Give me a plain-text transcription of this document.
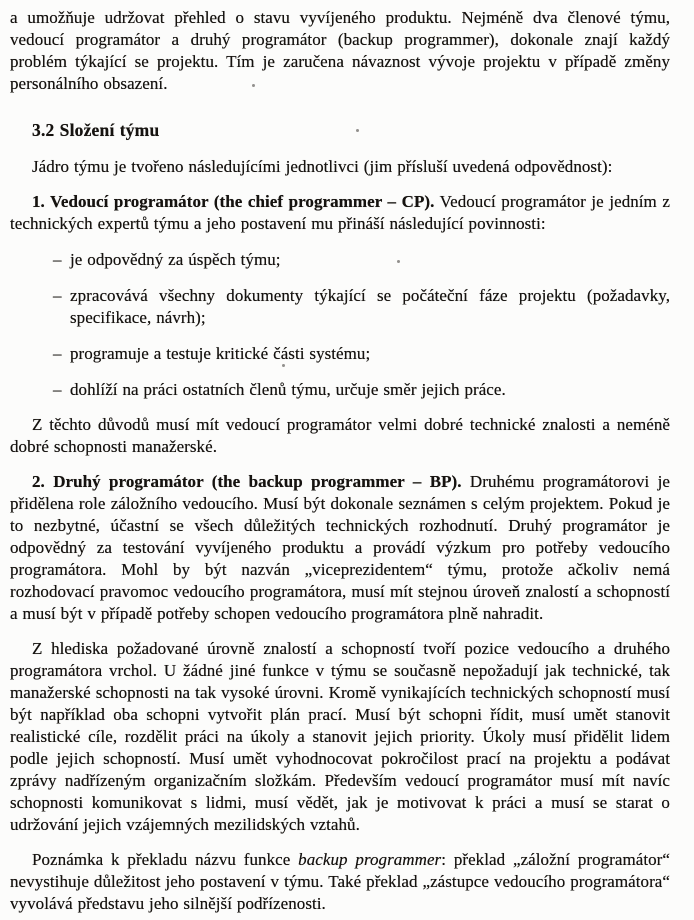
a umožňuje udržovat přehled o stavu vyvíjeného produktu. Nejméně dva členové týmu, vedoucí programátor a druhý programátor (backup programmer), dokonale znají každý problém týkající se projektu. Tím je zaručena návaznost vývoje projektu v případě změny personálního obsazení.

3.2 Složení týmu

Jádro týmu je tvořeno následujícími jednotlivci (jim přísluší uvedená odpovědnost):

1. Vedoucí programátor (the chief programmer – CP). Vedoucí programátor je jedním z technických expertů týmu a jeho postavení mu přináší následující povinnosti:

– je odpovědný za úspěch týmu;
– zpracovává všechny dokumenty týkající se počáteční fáze projektu (požadavky, specifikace, návrh);
– programuje a testuje kritické části systému;
– dohlíží na práci ostatních členů týmu, určuje směr jejich práce.

Z těchto důvodů musí mít vedoucí programátor velmi dobré technické znalosti a neméně dobré schopnosti manažerské.

2. Druhý programátor (the backup programmer – BP). Druhému programátorovi je přidělena role záložního vedoucího. Musí být dokonale seznámen s celým projektem. Pokud je to nezbytné, účastní se všech důležitých technických rozhodnutí. Druhý programátor je odpovědný za testování vyvíjeného produktu a provádí výzkum pro potřeby vedoucího programátora. Mohl by být nazván „viceprezidentem“ týmu, protože ačkoliv nemá rozhodovací pravomoc vedoucího programátora, musí mít stejnou úroveň znalostí a schopností a musí být v případě potřeby schopen vedoucího programátora plně nahradit.

Z hlediska požadované úrovně znalostí a schopností tvoří pozice vedoucího a druhého programátora vrchol. U žádné jiné funkce v týmu se současně nepožadují jak technické, tak manažerské schopnosti na tak vysoké úrovni. Kromě vynikajících technických schopností musí být například oba schopni vytvořit plán prací. Musí být schopni řídit, musí umět stanovit realistické cíle, rozdělit práci na úkoly a stanovit jejich priority. Úkoly musí přidělit lidem podle jejich schopností. Musí umět vyhodnocovat pokročilost prací na projektu a podávat zprávy nadřízeným organizačním složkám. Především vedoucí programátor musí mít navíc schopnosti komunikovat s lidmi, musí vědět, jak je motivovat k práci a musí se starat o udržování jejich vzájemných mezilidských vztahů.

Poznámka k překladu názvu funkce backup programmer: překlad „záložní programátor“ nevystihuje důležitost jeho postavení v týmu. Také překlad „zástupce vedoucího programátora“ vyvolává představu jeho silnější podřízenosti.
